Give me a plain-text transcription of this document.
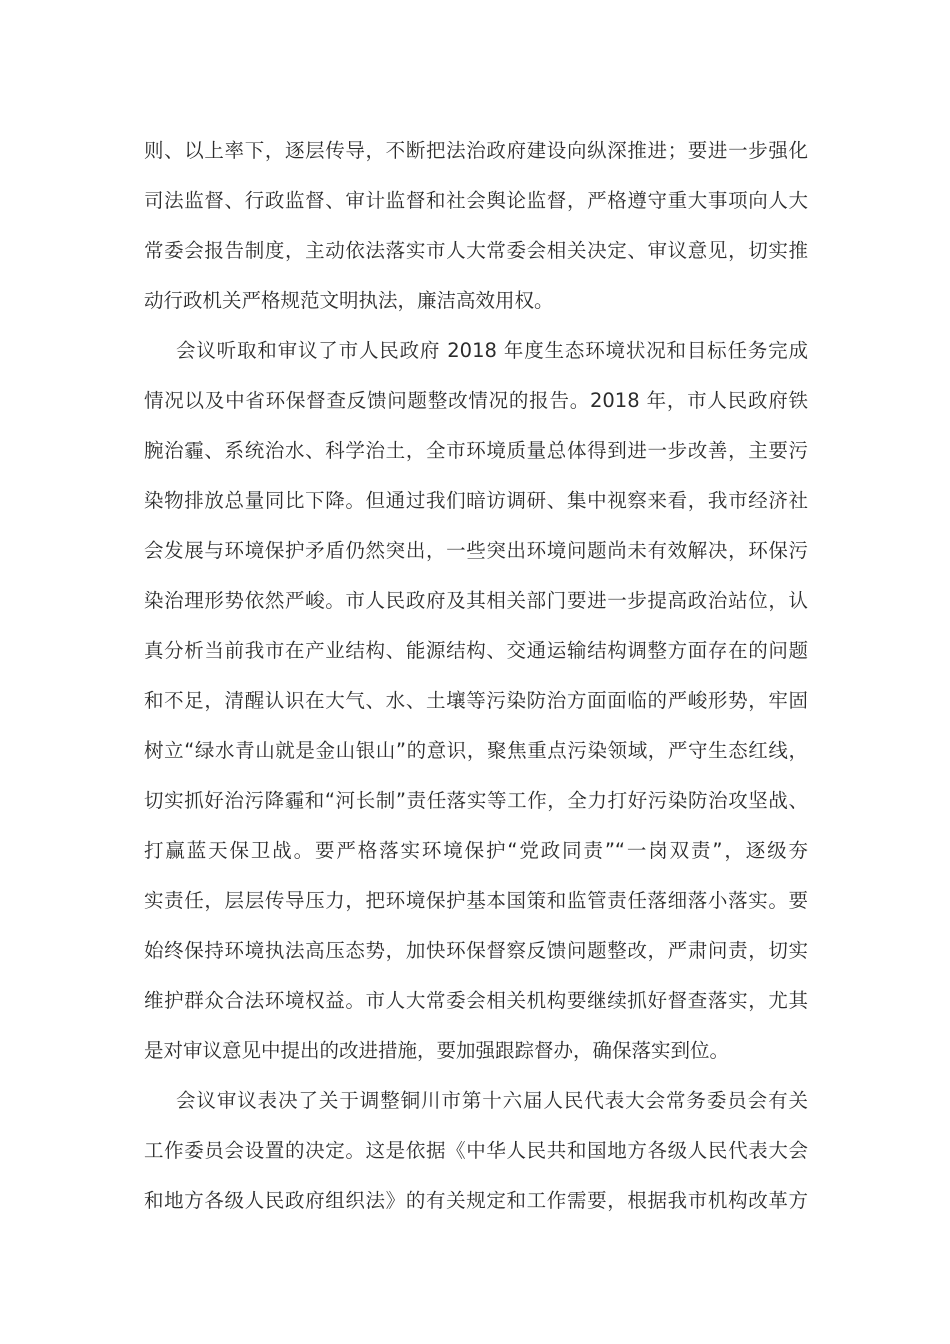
则、以上率下，逐层传导，不断把法治政府建设向纵深推进；要进一步强化
司法监督、行政监督、审计监督和社会舆论监督，严格遵守重大事项向人大
常委会报告制度，主动依法落实市人大常委会相关决定、审议意见，切实推
动行政机关严格规范文明执法，廉洁高效用权。
会议听取和审议了市人民政府 2018 年度生态环境状况和目标任务完成
情况以及中省环保督查反馈问题整改情况的报告。2018 年，市人民政府铁
腕治霾、系统治水、科学治土，全市环境质量总体得到进一步改善，主要污
染物排放总量同比下降。但通过我们暗访调研、集中视察来看，我市经济社
会发展与环境保护矛盾仍然突出，一些突出环境问题尚未有效解决，环保污
染治理形势依然严峻。市人民政府及其相关部门要进一步提高政治站位，认
真分析当前我市在产业结构、能源结构、交通运输结构调整方面存在的问题
和不足，清醒认识在大气、水、土壤等污染防治方面面临的严峻形势，牢固
树立“绿水青山就是金山银山”的意识，聚焦重点污染领域，严守生态红线，
切实抓好治污降霾和“河长制”责任落实等工作，全力打好污染防治攻坚战、
打赢蓝天保卫战。要严格落实环境保护“党政同责”“一岗双责”，逐级夯
实责任，层层传导压力，把环境保护基本国策和监管责任落细落小落实。要
始终保持环境执法高压态势，加快环保督察反馈问题整改，严肃问责，切实
维护群众合法环境权益。市人大常委会相关机构要继续抓好督查落实，尤其
是对审议意见中提出的改进措施，要加强跟踪督办，确保落实到位。
会议审议表决了关于调整铜川市第十六届人民代表大会常务委员会有关
工作委员会设置的决定。这是依据《中华人民共和国地方各级人民代表大会
和地方各级人民政府组织法》的有关规定和工作需要，根据我市机构改革方
